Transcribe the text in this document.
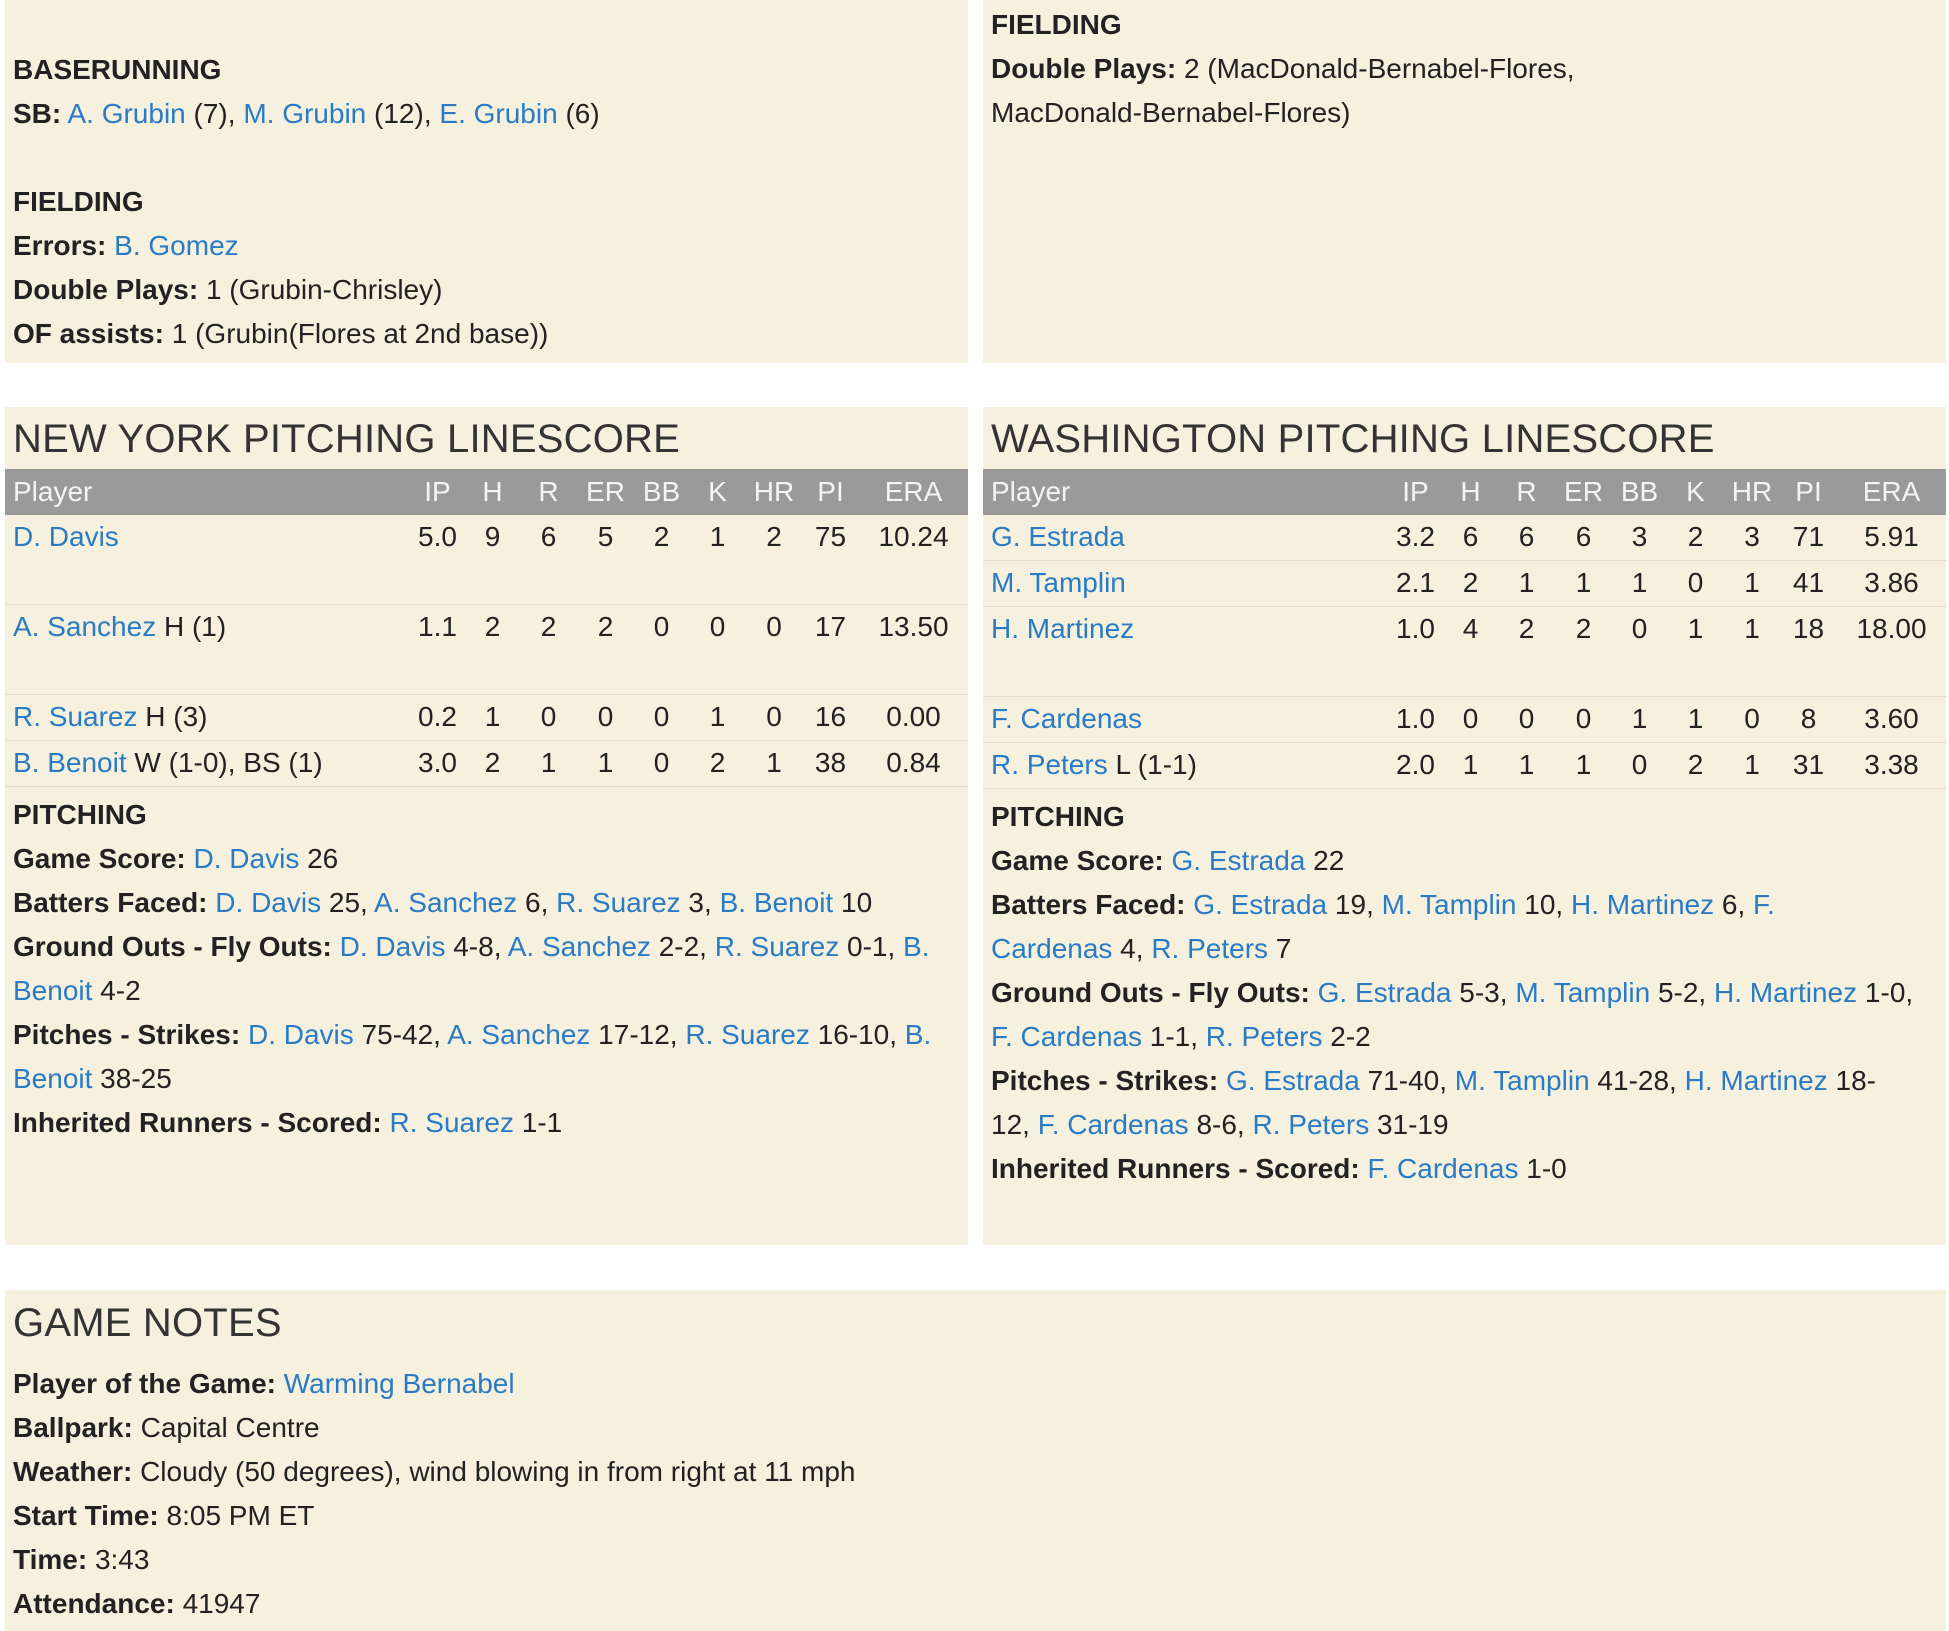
BASERUNNING
SB: A. Grubin (7), M. Grubin (12), E. Grubin (6)
FIELDING
Errors: B. Gomez
Double Plays: 1 (Grubin-Chrisley)
OF assists: 1 (Grubin(Flores at 2nd base))
FIELDING
Double Plays: 2 (MacDonald-Bernabel-Flores,
MacDonald-Bernabel-Flores)
NEW YORK PITCHING LINESCORE
Player	IP	H	R	ER	BB	K	HR	PI	ERA
D. Davis	5.0	9	6	5	2	1	2	75	10.24
A. Sanchez H (1)	1.1	2	2	2	0	0	0	17	13.50
R. Suarez H (3)	0.2	1	0	0	0	1	0	16	0.00
B. Benoit W (1-0), BS (1)	3.0	2	1	1	0	2	1	38	0.84
PITCHING
Game Score: D. Davis 26
Batters Faced: D. Davis 25, A. Sanchez 6, R. Suarez 3, B. Benoit 10
Ground Outs - Fly Outs: D. Davis 4-8, A. Sanchez 2-2, R. Suarez 0-1, B. Benoit 4-2
Pitches - Strikes: D. Davis 75-42, A. Sanchez 17-12, R. Suarez 16-10, B. Benoit 38-25
Inherited Runners - Scored: R. Suarez 1-1
WASHINGTON PITCHING LINESCORE
Player	IP	H	R	ER	BB	K	HR	PI	ERA
G. Estrada	3.2	6	6	6	3	2	3	71	5.91
M. Tamplin	2.1	2	1	1	1	0	1	41	3.86
H. Martinez	1.0	4	2	2	0	1	1	18	18.00
F. Cardenas	1.0	0	0	0	1	1	0	8	3.60
R. Peters L (1-1)	2.0	1	1	1	0	2	1	31	3.38
PITCHING
Game Score: G. Estrada 22
Batters Faced: G. Estrada 19, M. Tamplin 10, H. Martinez 6, F. Cardenas 4, R. Peters 7
Ground Outs - Fly Outs: G. Estrada 5-3, M. Tamplin 5-2, H. Martinez 1-0, F. Cardenas 1-1, R. Peters 2-2
Pitches - Strikes: G. Estrada 71-40, M. Tamplin 41-28, H. Martinez 18-12, F. Cardenas 8-6, R. Peters 31-19
Inherited Runners - Scored: F. Cardenas 1-0
GAME NOTES
Player of the Game: Warming Bernabel
Ballpark: Capital Centre
Weather: Cloudy (50 degrees), wind blowing in from right at 11 mph
Start Time: 8:05 PM ET
Time: 3:43
Attendance: 41947
